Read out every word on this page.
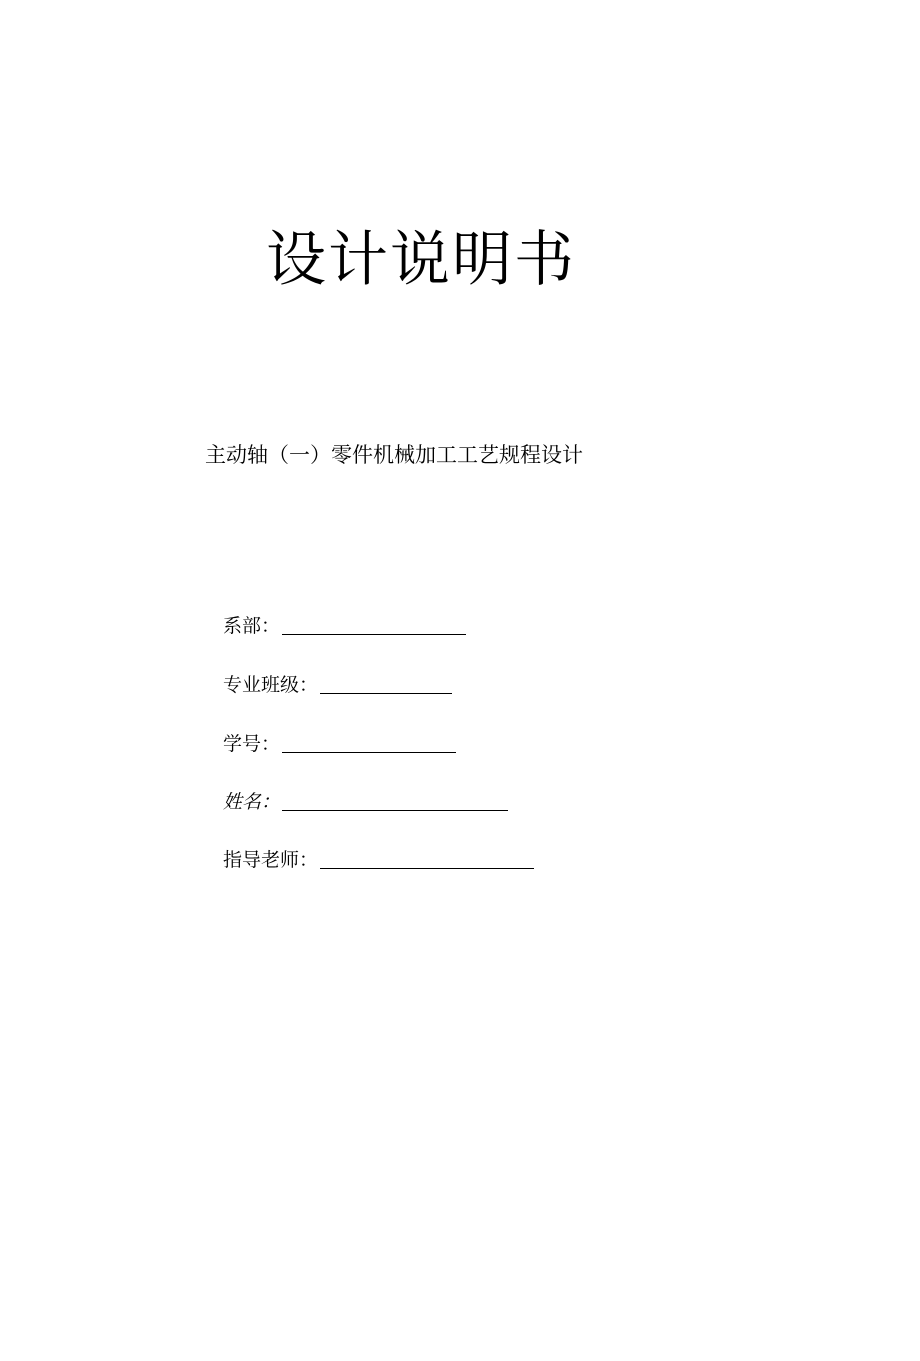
设计说明书
主动轴（一）零件机械加工工艺规程设计
系部：
专业班级：
学号：
姓名：
指导老师：
